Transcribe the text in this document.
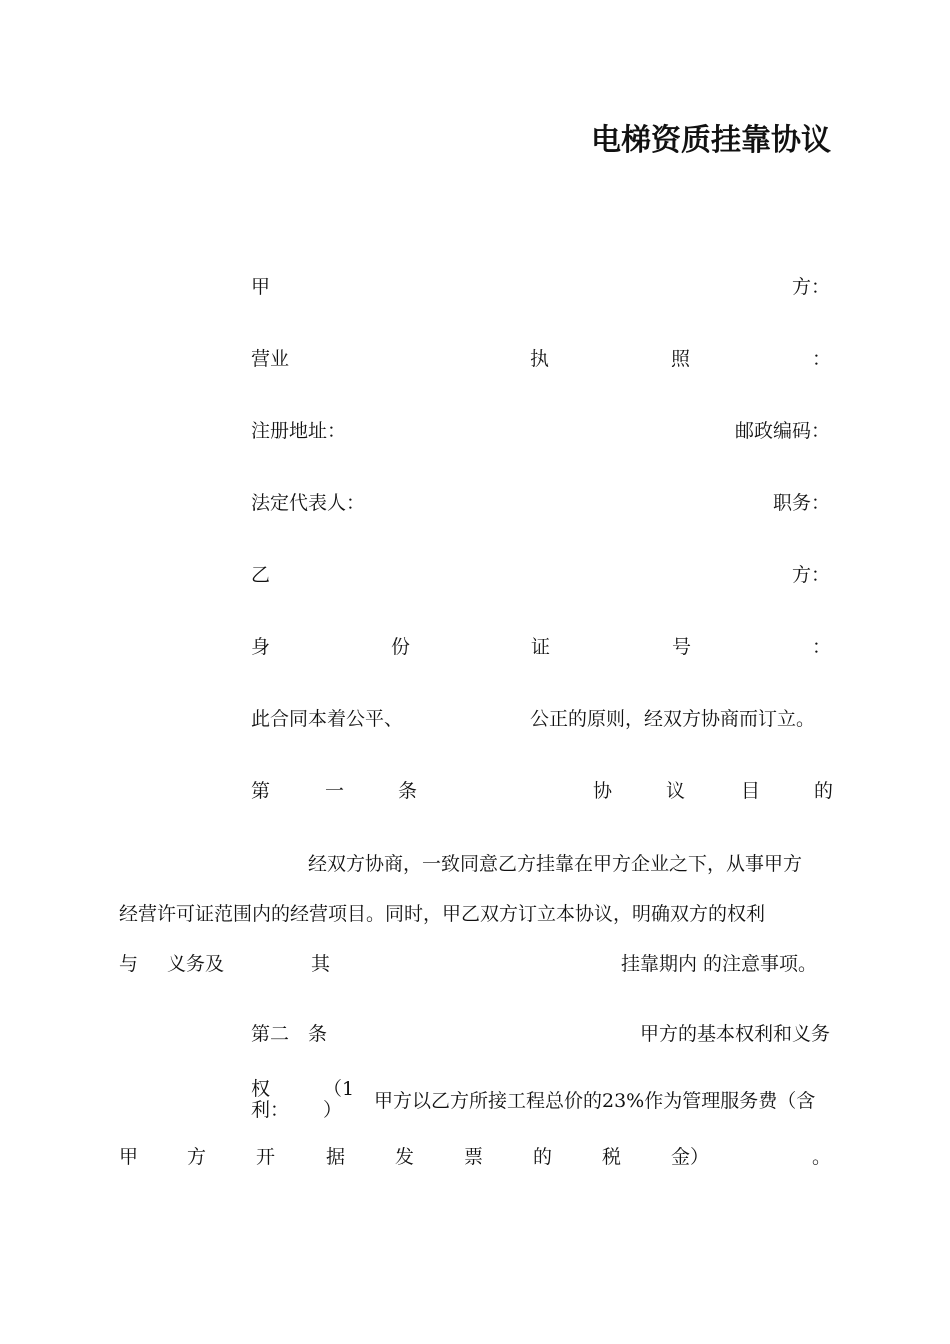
电梯资质挂靠协议
甲	方：
营业	执	照	：
注册地址：	邮政编码：
法定代表人：	职务：
乙	方：
身	份	证	号	：
此合同本着公平、	公正的原则，经双方协商而订立。
第	一	条	协	议	目	的
经双方协商，一致同意乙方挂靠在甲方企业之下，从事甲方
经营许可证范围内的经营项目。同时，甲乙双方订立本协议，明确双方的权利
与 义务及	其	挂靠期内 的注意事项。
第二　条	甲方的基本权利和义务
权
利：
（1
）	甲方以乙方所接工程总价的23%作为管理服务费（含
甲	方	开	据	发	票	的	税	金）	。
